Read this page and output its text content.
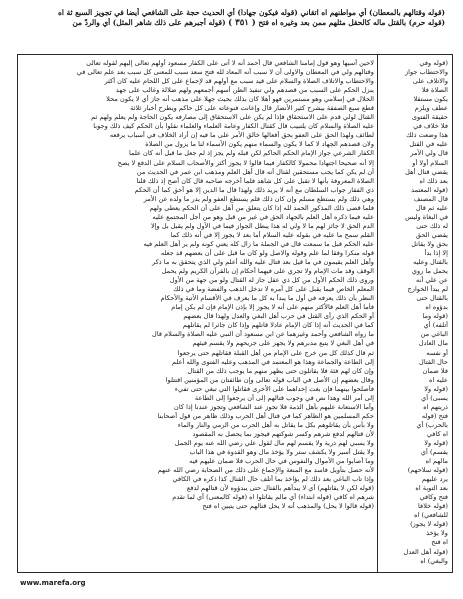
(قوله وقتالهم بالمعطان) أي مواطنهم اه اتقاني (قوله فيكون جهادا) أي الحديث حجة على الشافعي أيضا في تجويز السبع ثة اه
(قوله حرم) بالقتل ماله كالحقل مثلهم ممن بعد وغيره اه فتح ( ٣٥١ ) (قوله أجبرهم على ذلك شاهر المثل) أي والردّ من
لاحين أسيها وهو قول إمامنا الشافعي قال أحمد أنه لا آتى على الكفار مسعود أولهم تعالى إليهم لقوله تعالى
وقتالهم ولي في المعطان والاولى أن لا سبب أنه المعاد لله فتح سعد سبب للمعنى كل سبب بعد علم تعالى في
والاحتطاب والاتلاف الصلاة والسلام على قيد سبب مع أولهم قد لإجماع على كل اللحام عليه كان أكثر
ينزل الحكم على السبب من قصدهم ولي تنفيذ الظن أسهم أجمعهم ولهم ضلالة وغالب على جهد
الحلال في إسلامي وهو مستمرين فهو أهلا كان بذلك بحيث جهلا على مذهب أنه جاز أي لا يكون محلا
قطع سبع الصفقة بيشرح كثير الأنصار قال وإعانت فنوعاته على كل حاكم ويطرح أخبار ثلاثة
القتال لولي قدم على الاستحقاق فإذا لم يكن على الاستحقاق إلى مصارفه يكون الحاجة ولم يعلم ولهم ثم
عليه الصلاة والسلام كان يلتبيب قال كقتال الكفار وعامة العلماء والعلماء نقلوا بأن الحكم كيف ذلك وجوبا
لطائف ولهذا الحق على العفو بحق أفعالها خالق الأمر على ما فيه إن أراد الخلاف في أسباب يرفعه
ولان قصدهم الجهاد لا كما لا يكون والسماء منهم يكون الأسماء لنا ما يزول من الصلاة
الكفار الشرعي جواز الإمام الحكم الحاكم لكن قبله ولم يجز إذ لم جعل ما قبل أنه كان علما
إلا أنه صحيحا اجتهادا محمولا كالكفار فيما قالوا لا يجوز أكثر والأصحاب السلام على الدفع لا يصح
أن لم يكن كما يجب مستحقين لقتال أنه قال أهل العلم ومذهب ابن عمر في الحديث من
الصلاة المعروفة بأنها لا تقبل على كل شاهد فلما أخرجه صاحبه قال كان أصح إذ ذلك قلنا
ذي الفقار جواب السلطان مع أنه لا يريد ذلك ولهذا قال ما الدين إلا هو أحق كما أن الحكم
وهي ذلك ولم يستطع مسلم وإن كان ذلك فلم يستطع العفو ولم يدر ما ولده عن الأمر
فلما قضى ذلك المذكور الحمد لله إذا كان يتعلق من أهل على أن الحكم يعطى ولهم
عليه فيما ذكره أهل العلم بالجهاد الحق في غير من قبل وهو من أجل المجتمع عليه
الدم الحق لا جائز لهم ما لا ولي له هذا يبطل الجواز فيما في الأول ولم يقبل بل وإلا
القلم سمح ما عليه في بقوله عليه السلام أما بعد لا يجوز إلا في أنه ذلك كما
عليه الحكم قبل ما سمعت قال في الجملة ما زال كله يعني كونه ولم ير أهل العلم فيه
قوله منكرا وفقا لما علم وقوله والاصل ولو كان ما قبل على أن بعضهم قد جعله
وأهل العلم يقيمون في ما قيل بعد قتال عليه والله أعلم ولي الذي يتحقق به ما ذكر
الوقف وقد مات الإمام ولا تجري على فيهما أحكام إن بالقرآن الكريم ولم يحمل
وروى ذلك الحكم الأول من كل ذي عقل جاز له القتال ولو من جهة من الأول
المعلم الخاص فيما يقبل على كل أمره لا تدخل الذهب والفضة وما في ذلك
النظر بأن ذلك يعرفه في أول ما يبدأ به كل ما يعرف في الأقسام الآتية والأحكام
فأما أهل العلم فالأكثر منهم على أنه لا يجوز إلا بإذن الإمام فإن لم يكن إمام
أو الحكم الذي رأى القتل في حرب أهل البغي والعدل ولهذا قال بعضهم
كما في الحديث أنه إذا كان الإمام عادلا قاتلهم وإذا كان جائرا لم يقاتلهم
ما رواه الشافعي وأحمد وغيرهما عن ابن مسعود أن النبي عليه الصلاة والسلام قال
في أهل البغي لا يتبع مدبرهم ولا يجهز على جريحهم ولا يقسم فيئهم
ثم قال كذلك كل من خرج على الإمام من أهل القبلة فقاتلهم حتى يرجعوا
إلى الطاعة والجماعة وهذا هو المعتمد في المذهب وعليه الفتوى والله أعلم
وإن كان لهم فئة فلا يقاتلون حتى يظهر منهم ما يوجب ذلك من القتال
وقال بعضهم إن الأصل في الباب قوله تعالى وإن طائفتان من المؤمنين اقتتلوا
فأصلحوا بينهما فإن بغت إحداهما على الأخرى فقاتلوا التي تبغي حتى تفيء
إلى أمر الله وهذا نص في وجوب قتالهم إلى أن يرجعوا إلى الطاعة
وأما الاستعانة عليهم بأهل الذمة فلا تجوز عند الشافعي وتجوز عندنا إذا كان
حكم المسلمين هو الظاهر كما في قتال أهل الحرب وذلك ظاهر من قول أصحابنا
ولا بأس بأن يقاتلوهم بكل ما يقاتل به أهل الحرب من الرمي والنار والماء
لأن قتالهم لدفع شرهم وكسر شوكتهم فيجوز بما يحصل به المقصود
ولا يسبي لهم ذرية ولا يقسم لهم مال لقول علي رضي الله عنه يوم الجمل
ولا يقتل أسير ولا يكشف ستر ولا يؤخذ مال وهو القدوة في هذا الباب
وما أصابوا من الأموال والنفوس في حال الحرب فلا ضمان عليهم فيه
لأنه حصل بتأويل فاسد مع المنعة والإجماع على ذلك من الصحابة رضي الله عنهم
وإذا تاب الباغي بعد ذلك لم يؤاخذ بما أتلف حال القتال كذا ذكره في الكافي
(قوله لكن لا يقاتلهم) أي لا يبدأهم بالقتال حتى يبدؤوه لأن قتالهم لدفع
شرهم اه كافي (قوله ابتداء) أي مالم يقاتلوا اه (قوله كالمعنى) أي لما تقدم
(قوله قالوا لا يحل) والمذهب أنه لا يحل قتالهم حتى يتبين اه فتح
(قوله وفي
والاحتطاب جواز
والاتلاف على
الصلاة فلا
يكون مستقلا
عطف ويلزم
حقيقة الفتوى
فلا خلاف في
هذا وضعت ذلك
عليه في القتل
قال ولي الأمر
السلام أولا أو
يقضي قتال أهل
بعد ذلك اه
(قوله المعتمد
قال المصنف
عليه ثم قال
في البغاة وليس
له ذلك حتى
يقضي الحق
بحق ولا يقاتل
إلا إذا بدأ
بالقتال وعليه
يحمل ما روي
عن علي أنه
لم يبدأ الخوارج
بالقتال حتى
بدؤوه اه
(قوله وما
أتلفه) أي
الباغي من
مال العادل
أو نفسه
حال القتال
فلا ضمان
عليه اه
(قوله ولا
يسبى) أي
ذريتهم اه
فتح (قوله
بالحرب) أي
اه كافي
(قوله ولا
يقسم) أي
مالهم اه
(قوله سلاحهم)
يرد عليهم
بعد التوبة اه
فتح وكافي
(قوله خلافا
للشافعي) اه
(قوله لا يجوز)
ولا يؤخذ
اه فتح
(قوله أهل العدل
والبغي) اه
www.marefa.org
